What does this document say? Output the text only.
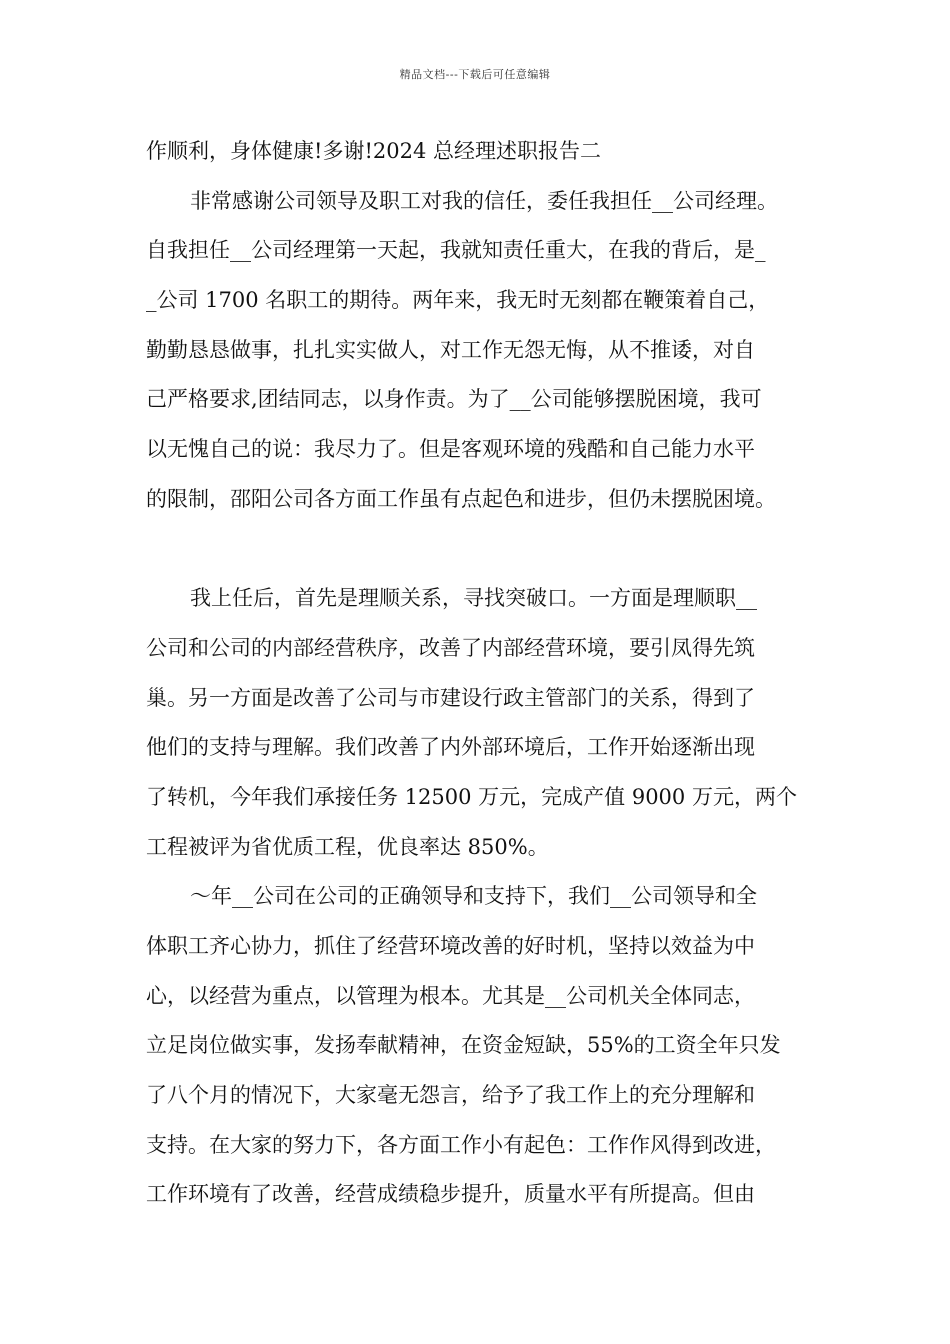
精品文档---下载后可任意编辑
作顺利，身体健康!多谢!2024 总经理述职报告二
非常感谢公司领导及职工对我的信任，委任我担任__公司经理。
自我担任__公司经理第一天起，我就知责任重大，在我的背后，是_
_公司 1700 名职工的期待。两年来，我无时无刻都在鞭策着自己，
勤勤恳恳做事，扎扎实实做人，对工作无怨无悔，从不推诿，对自
己严格要求,团结同志，以身作责。为了__公司能够摆脱困境，我可
以无愧自己的说：我尽力了。但是客观环境的残酷和自己能力水平
的限制，邵阳公司各方面工作虽有点起色和进步，但仍未摆脱困境。
我上任后，首先是理顺关系，寻找突破口。一方面是理顺职__
公司和公司的内部经营秩序，改善了内部经营环境，要引凤得先筑
巢。另一方面是改善了公司与市建设行政主管部门的关系，得到了
他们的支持与理解。我们改善了内外部环境后，工作开始逐渐出现
了转机，今年我们承接任务 12500 万元，完成产值 9000 万元，两个
工程被评为省优质工程，优良率达 850%。
～年__公司在公司的正确领导和支持下，我们__公司领导和全
体职工齐心协力，抓住了经营环境改善的好时机，坚持以效益为中
心，以经营为重点，以管理为根本。尤其是__公司机关全体同志，
立足岗位做实事，发扬奉献精神，在资金短缺，55%的工资全年只发
了八个月的情况下，大家毫无怨言，给予了我工作上的充分理解和
支持。在大家的努力下，各方面工作小有起色：工作作风得到改进，
工作环境有了改善，经营成绩稳步提升，质量水平有所提高。但由
